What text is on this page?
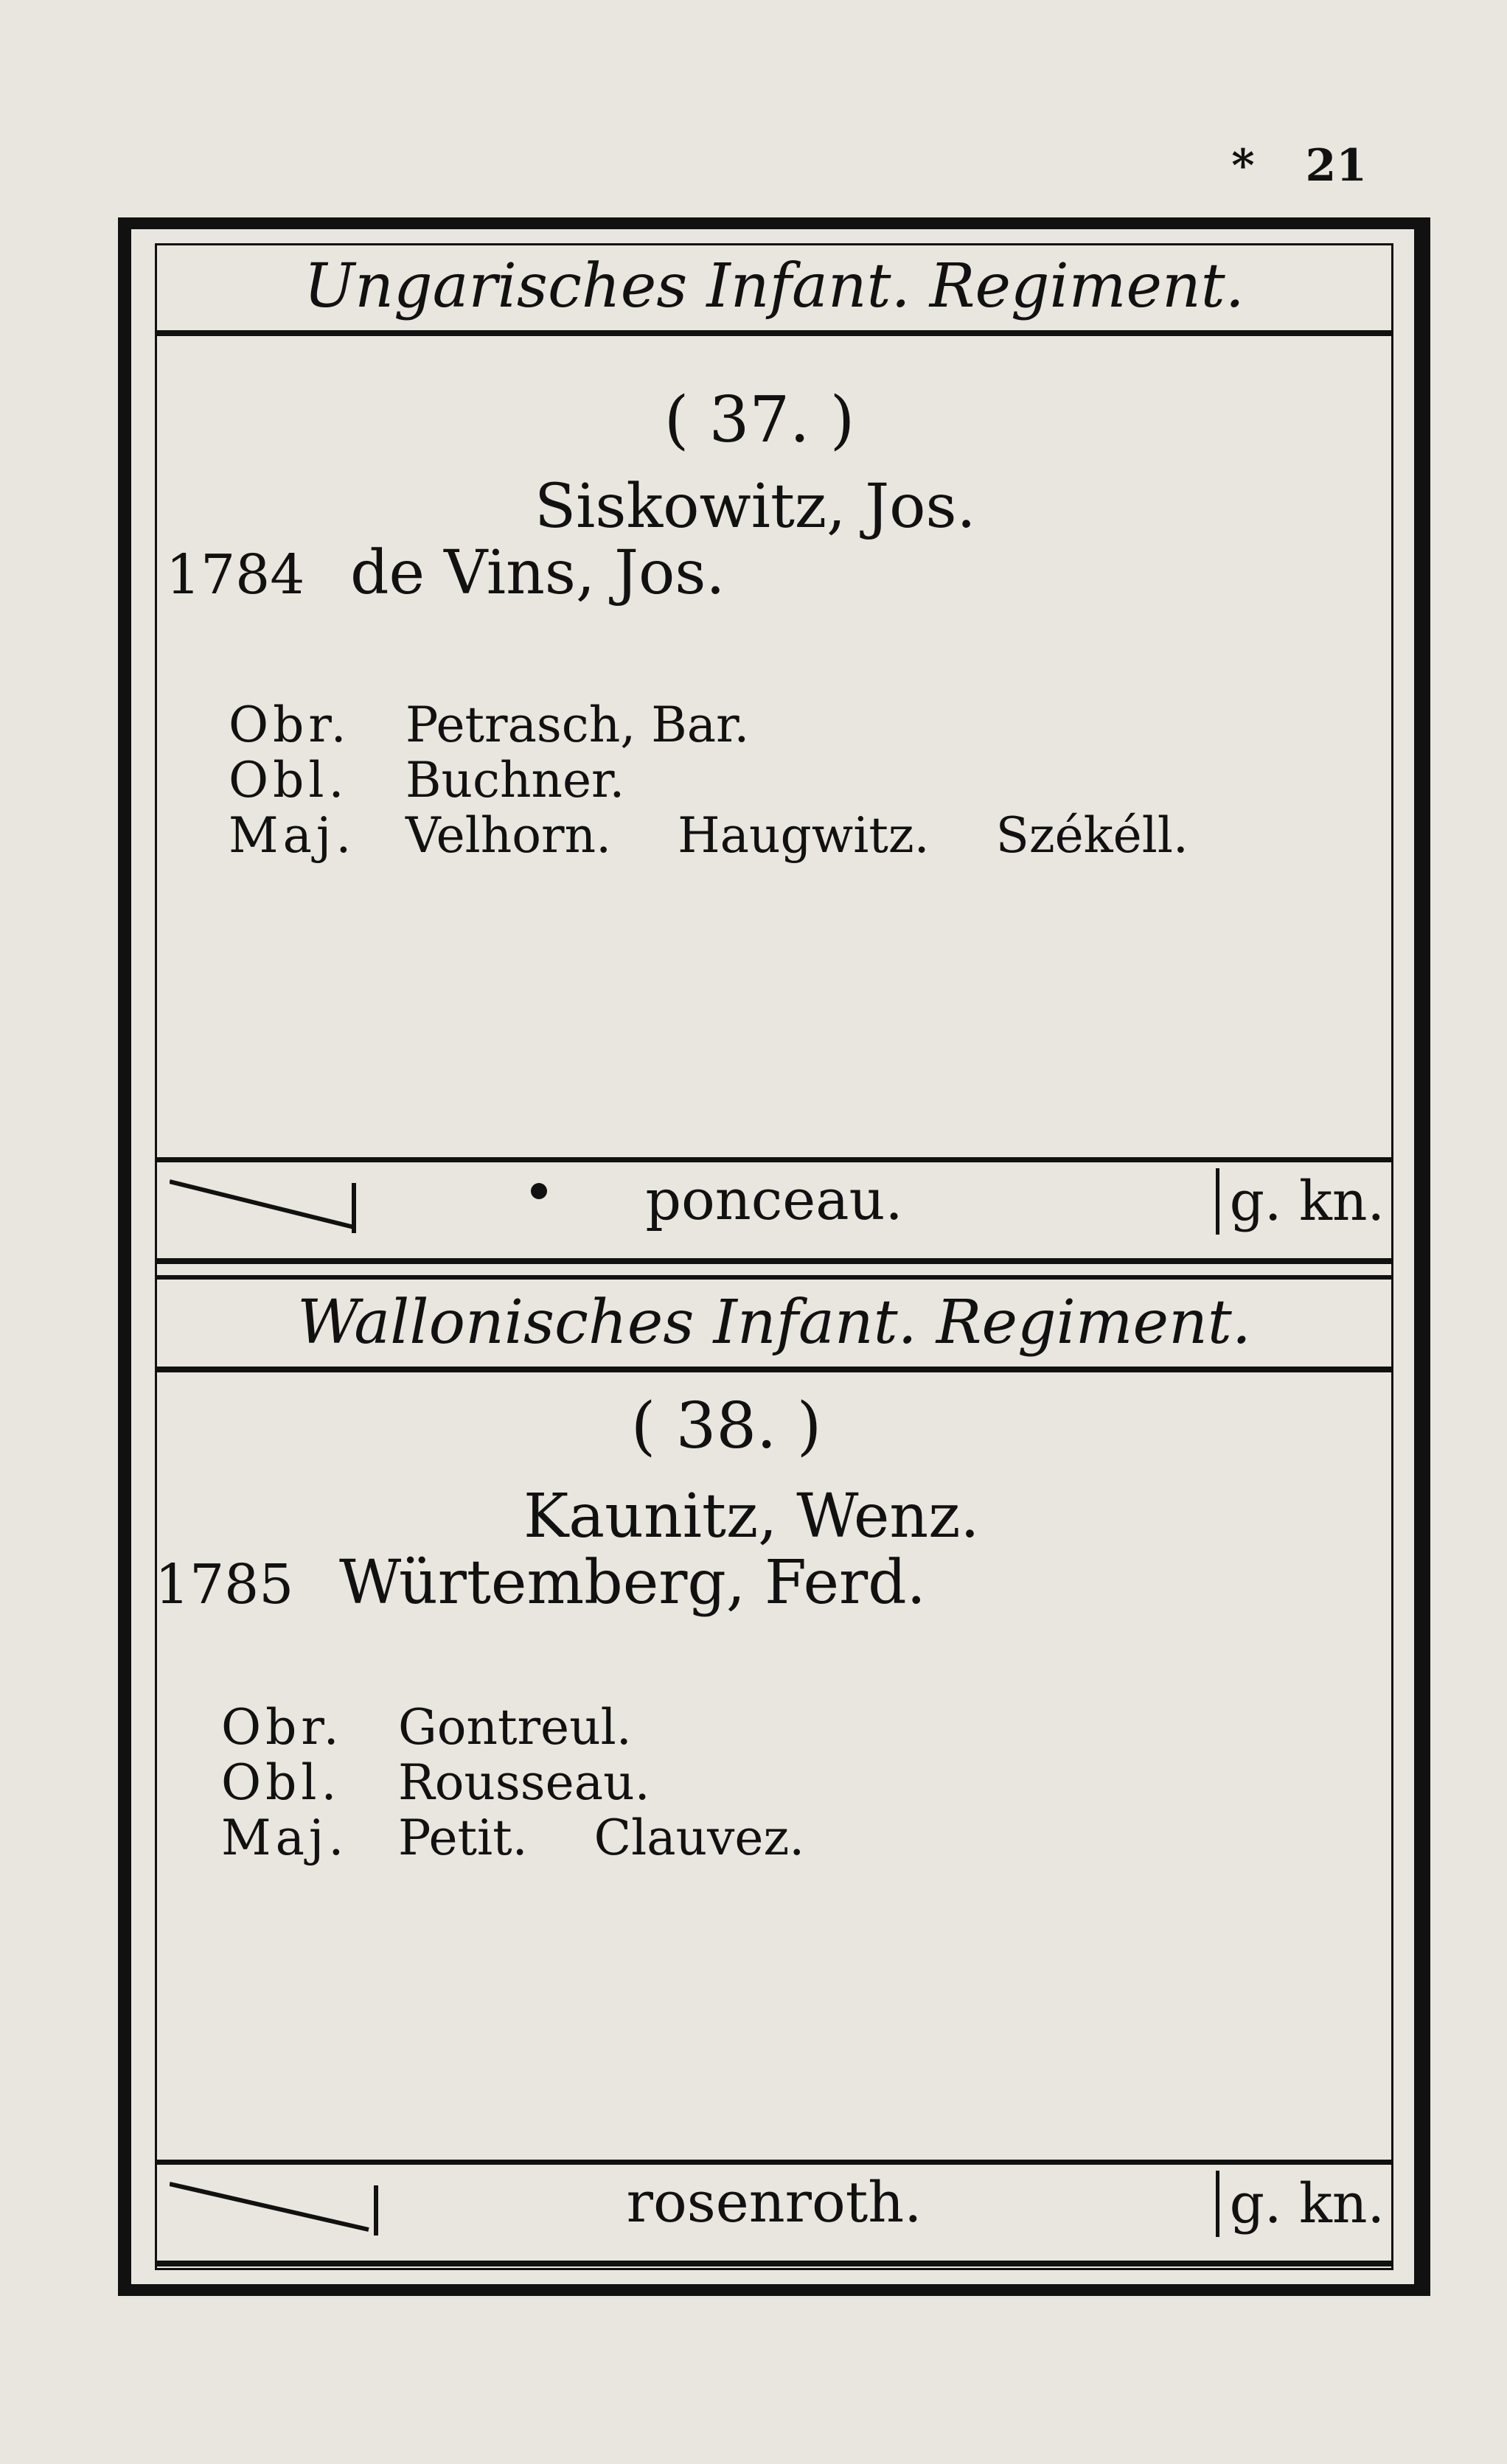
* 21
Ungarisches Infant. Regiment.
( 37. )
Siskowitz, Jos.
1784 de Vins, Jos.
Obr. Petrasch, Bar.
Obl. Buchner.
Maj. Velhorn. Haugwitz. Székéll.
ponceau.	g. kn.
Wallonisches Infant. Regiment.
( 38. )
Kaunitz, Wenz.
1785 Würtemberg, Ferd.
Obr. Gontreul.
Obl. Rousseau.
Maj. Petit. Clauvez.
rosenroth.	g. kn.
